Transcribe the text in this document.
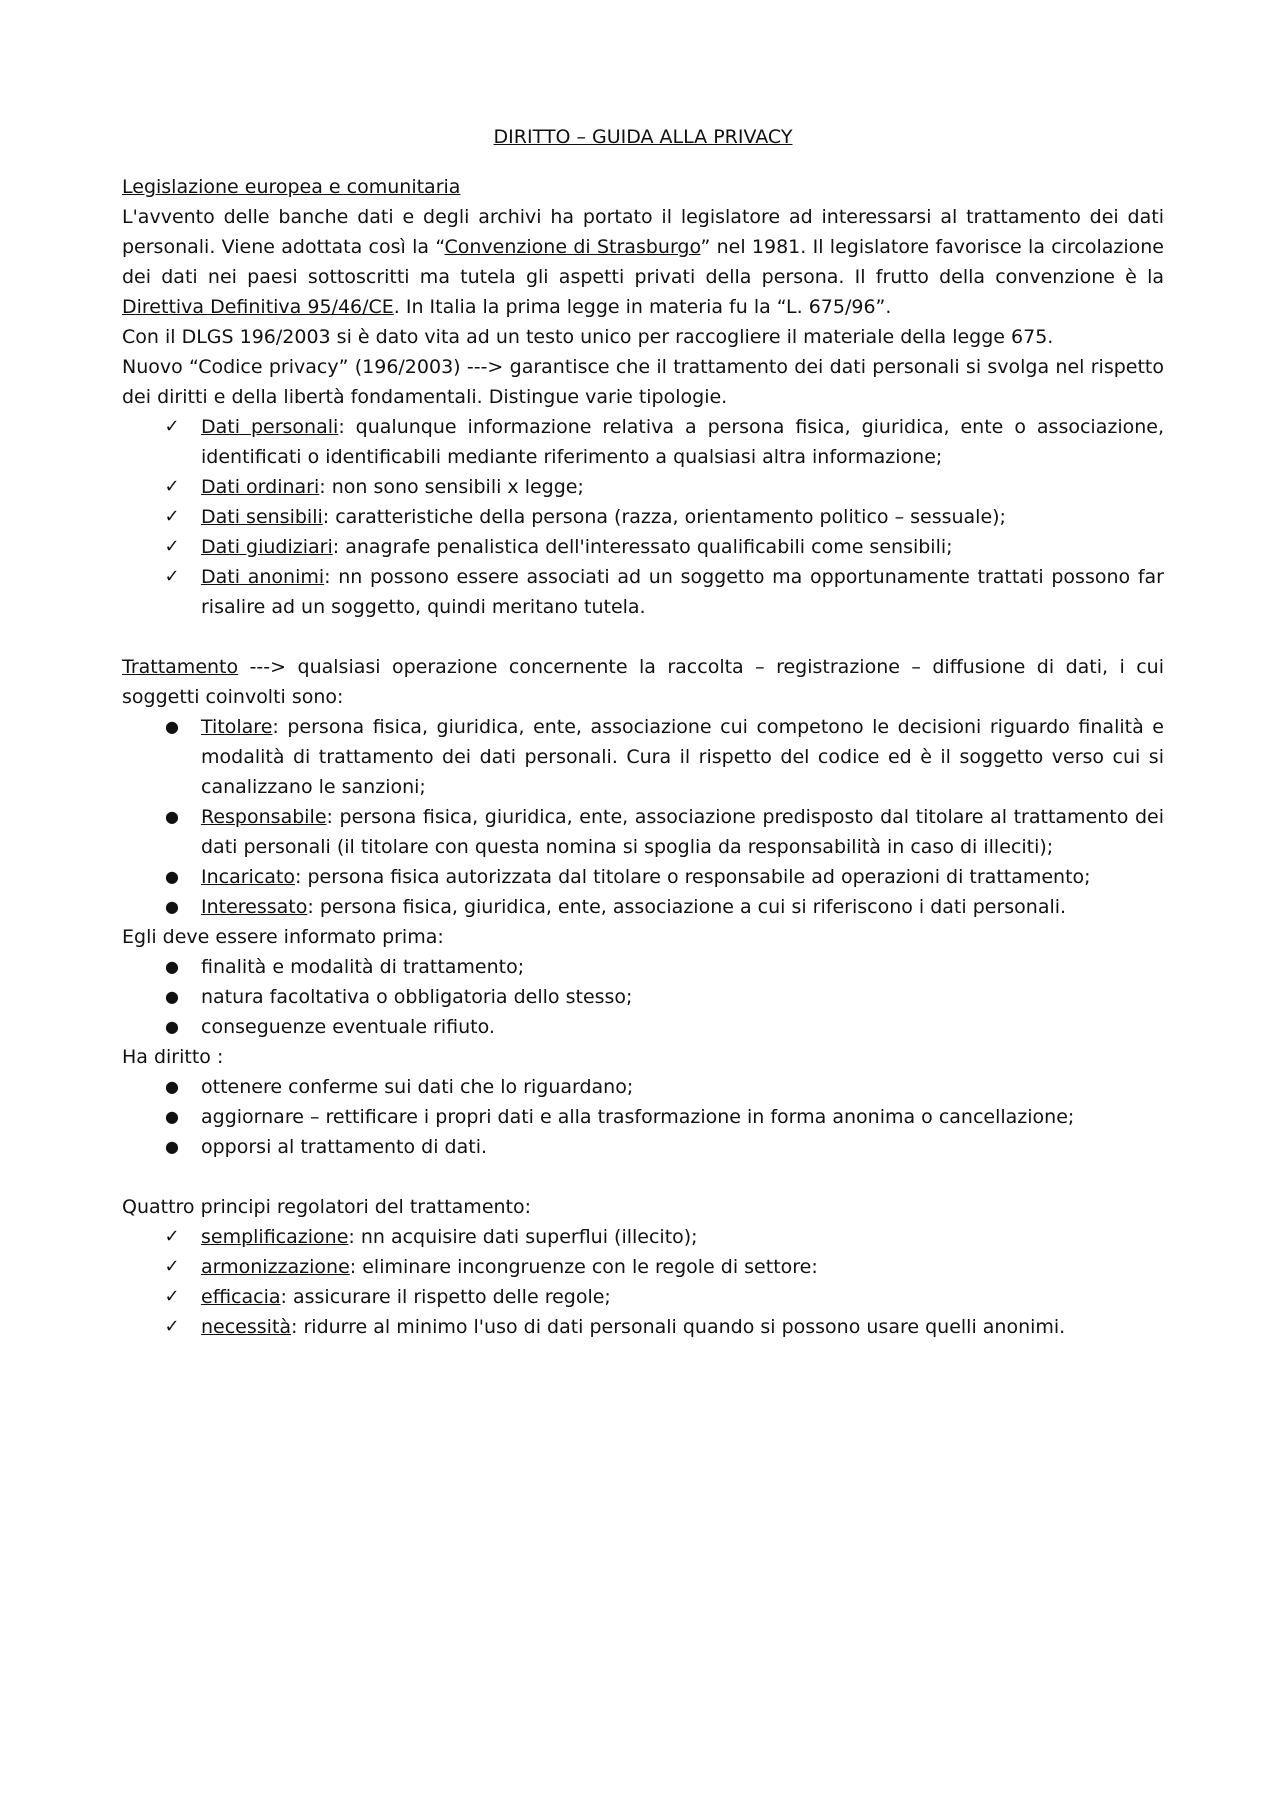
DIRITTO – GUIDA ALLA PRIVACY
Legislazione europea e comunitaria

L'avvento delle banche dati e degli archivi ha portato il legislatore ad interessarsi al trattamento dei dati personali. Viene adottata così la “Convenzione di Strasburgo” nel 1981. Il legislatore favorisce la circolazione dei dati nei paesi sottoscritti ma tutela gli aspetti privati della persona. Il frutto della convenzione è la Direttiva Definitiva 95/46/CE. In Italia la prima legge in materia fu la “L. 675/96”.

Con il DLGS 196/2003 si è dato vita ad un testo unico per raccogliere il materiale della legge 675.

Nuovo “Codice privacy” (196/2003) ---> garantisce che il trattamento dei dati personali si svolga nel rispetto dei diritti e della libertà fondamentali. Distingue varie tipologie.

✓ Dati personali: qualunque informazione relativa a persona fisica, giuridica, ente o associazione, identificati o identificabili mediante riferimento a qualsiasi altra informazione;
✓ Dati ordinari: non sono sensibili x legge;
✓ Dati sensibili: caratteristiche della persona (razza, orientamento politico – sessuale);
✓ Dati giudiziari: anagrafe penalistica dell'interessato qualificabili come sensibili;
✓ Dati anonimi: nn possono essere associati ad un soggetto ma opportunamente trattati possono far risalire ad un soggetto, quindi meritano tutela.

Trattamento ---> qualsiasi operazione concernente la raccolta – registrazione – diffusione di dati, i cui soggetti coinvolti sono:

● Titolare: persona fisica, giuridica, ente, associazione cui competono le decisioni riguardo finalità e modalità di trattamento dei dati personali. Cura il rispetto del codice ed è il soggetto verso cui si canalizzano le sanzioni;
● Responsabile: persona fisica, giuridica, ente, associazione predisposto dal titolare al trattamento dei dati personali (il titolare con questa nomina si spoglia da responsabilità in caso di illeciti);
● Incaricato: persona fisica autorizzata dal titolare o responsabile ad operazioni di trattamento;
● Interessato: persona fisica, giuridica, ente, associazione a cui si riferiscono i dati personali.

Egli deve essere informato prima:

● finalità e modalità di trattamento;
● natura facoltativa o obbligatoria dello stesso;
● conseguenze eventuale rifiuto.

Ha diritto :

● ottenere conferme sui dati che lo riguardano;
● aggiornare – rettificare i propri dati e alla trasformazione in forma anonima o cancellazione;
● opporsi al trattamento di dati.

Quattro principi regolatori del trattamento:

✓ semplificazione: nn acquisire dati superflui (illecito);
✓ armonizzazione: eliminare incongruenze con le regole di settore:
✓ efficacia: assicurare il rispetto delle regole;
✓ necessità: ridurre al minimo l'uso di dati personali quando si possono usare quelli anonimi.
